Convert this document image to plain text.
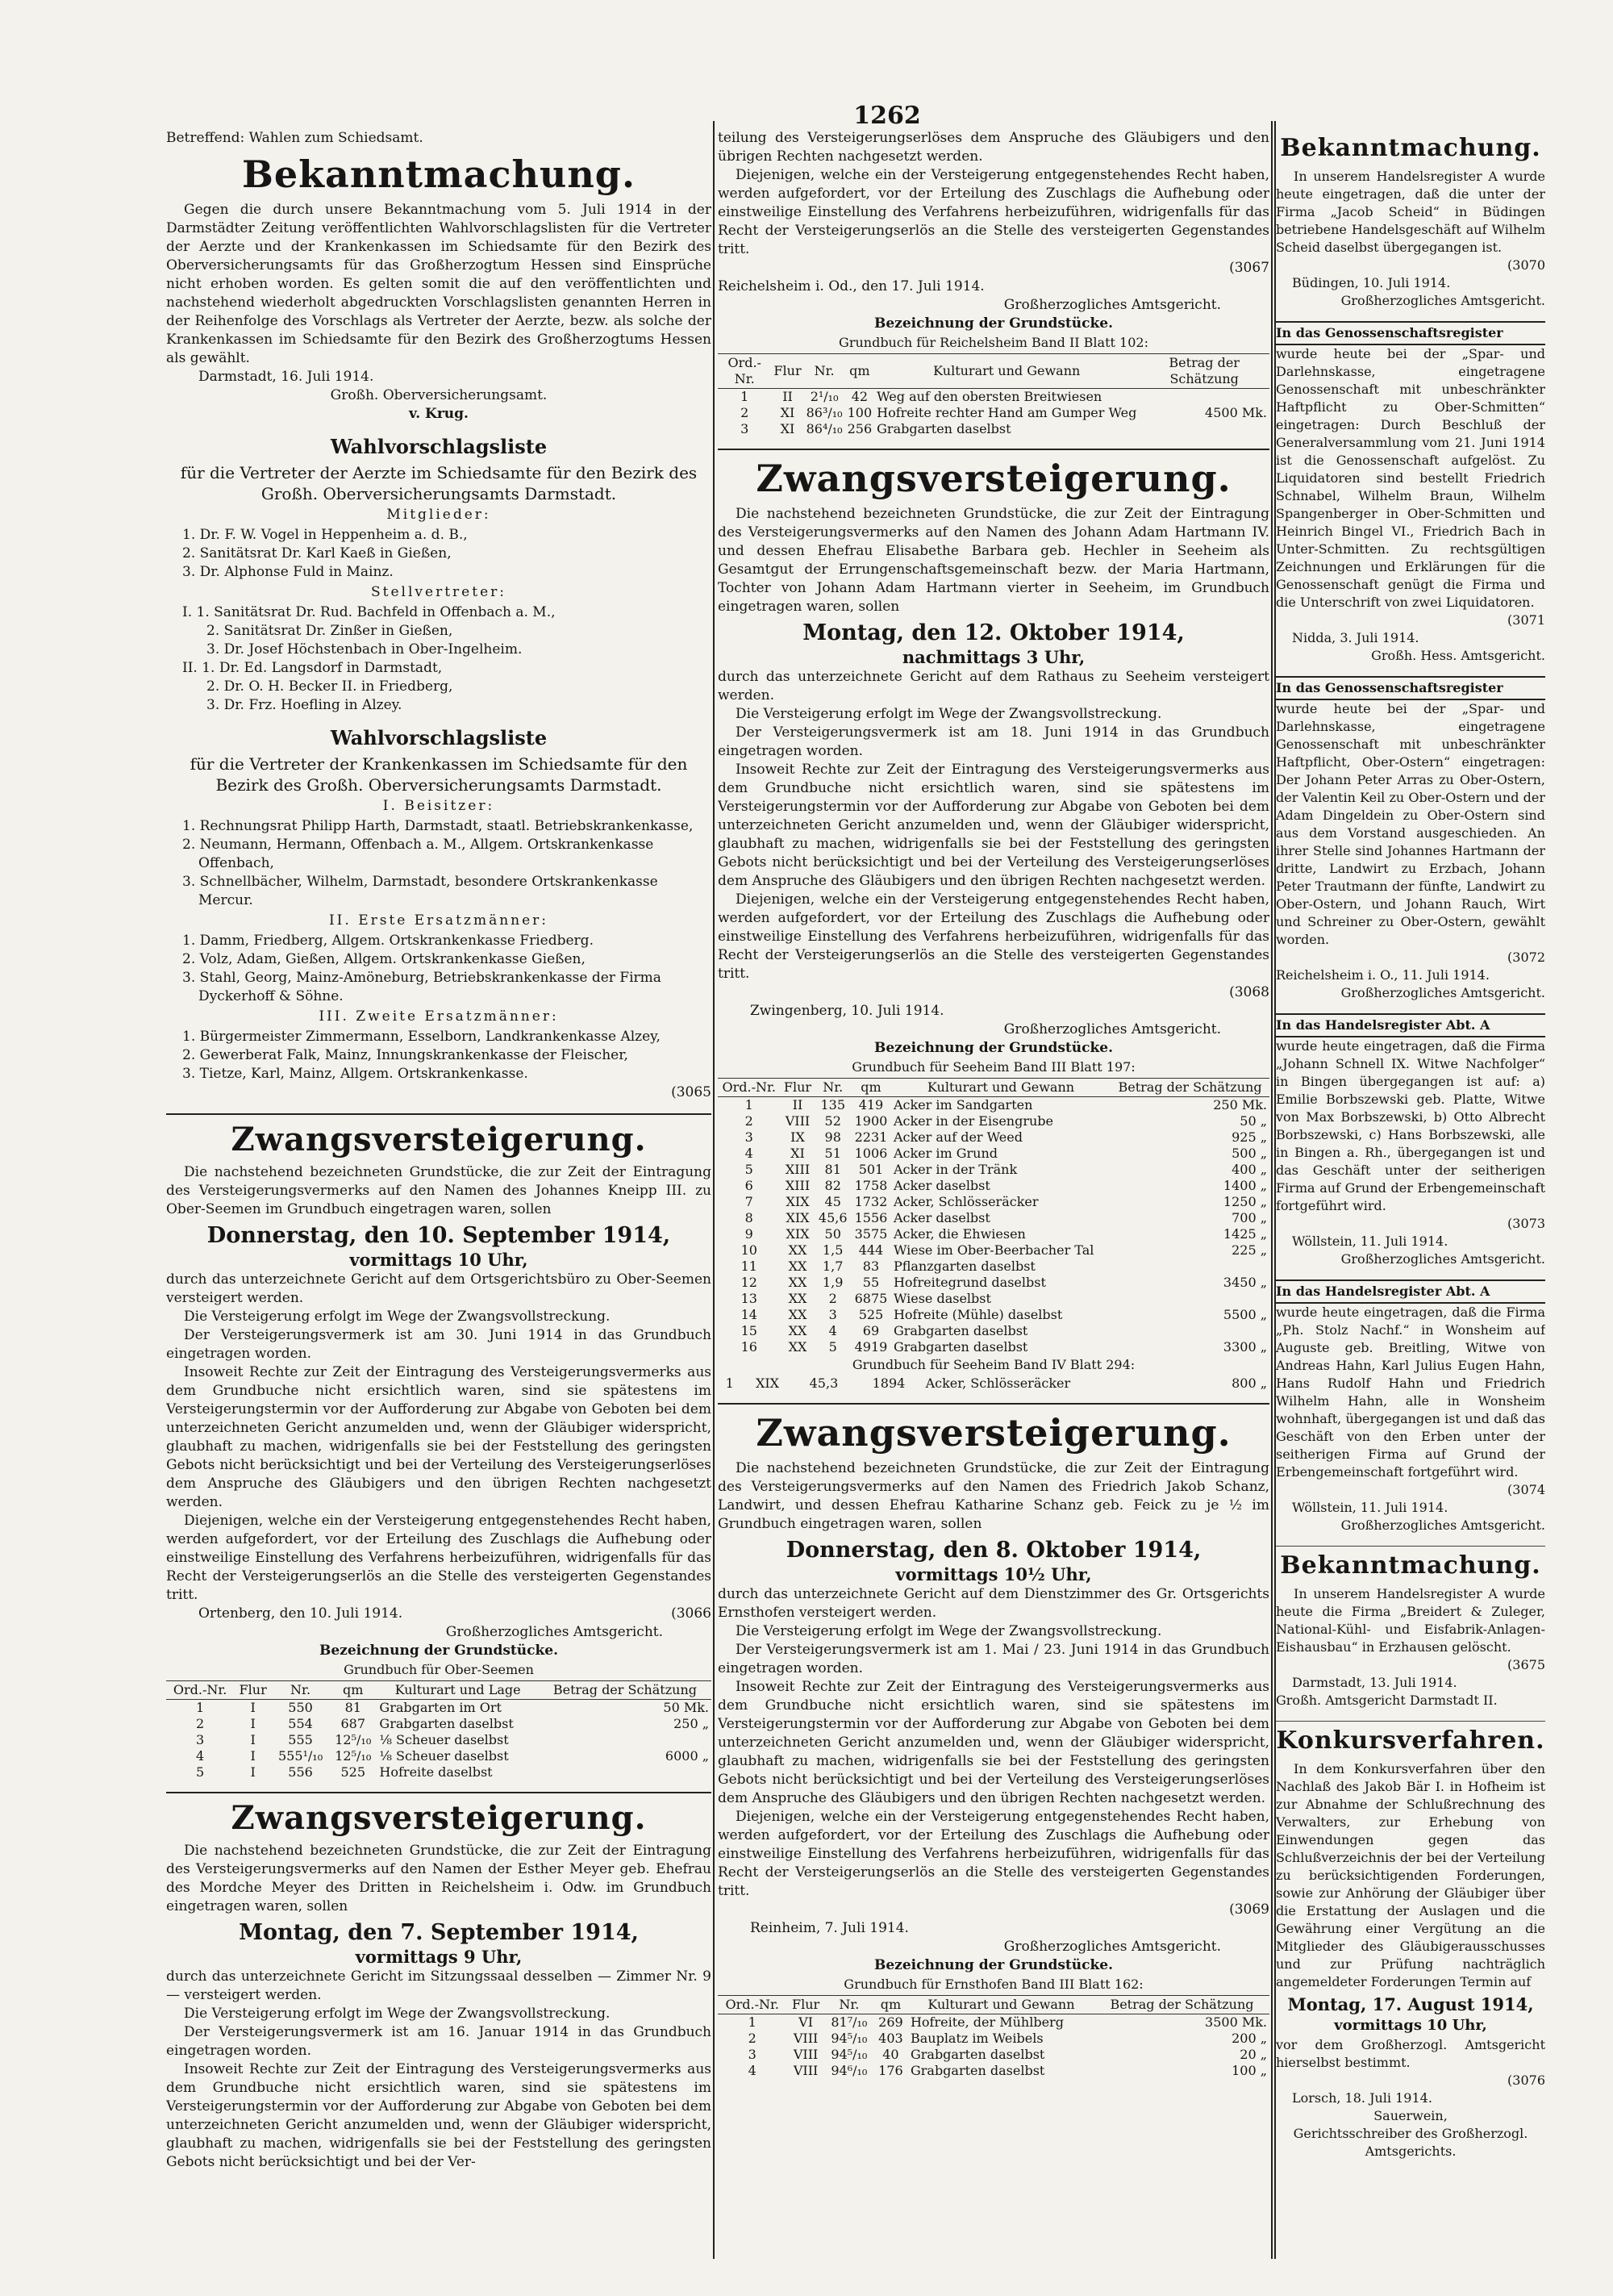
1262
Betreffend: Wahlen zum Schiedsamt.
Bekanntmachung.

Gegen die durch unsere Bekanntmachung vom 5. Juli 1914 in der Darmstädter Zeitung veröffentlichten Wahlvorschlagslisten für die Vertreter der Aerzte und der Krankenkassen im Schiedsamte für den Bezirk des Oberversicherungsamts für das Großherzogtum Hessen sind Einsprüche nicht erhoben worden. Es gelten somit die auf den veröffentlichten und nachstehend wiederholt abgedruckten Vorschlagslisten genannten Herren in der Reihenfolge des Vorschlags als Vertreter der Aerzte, bezw. als solche der Krankenkassen im Schiedsamte für den Bezirk des Großherzogtums Hessen als gewählt.

Darmstadt, 16. Juli 1914.
Großh. Oberversicherungsamt.
v. Krug.
Wahlvorschlagsliste
für die Vertreter der Aerzte im Schiedsamte für den Bezirk des Großh. Oberversicherungsamts Darmstadt.
Mitglieder:
1. Dr. F. W. Vogel in Heppenheim a. d. B.,
2. Sanitätsrat Dr. Karl Kaeß in Gießen,
3. Dr. Alphonse Fuld in Mainz.
Stellvertreter:
I. 1. Sanitätsrat Dr. Rud. Bachfeld in Offenbach a. M.,
2. Sanitätsrat Dr. Zinßer in Gießen,
3. Dr. Josef Höchstenbach in Ober-Ingelheim.
II. 1. Dr. Ed. Langsdorf in Darmstadt,
2. Dr. O. H. Becker II. in Friedberg,
3. Dr. Frz. Hoefling in Alzey.
Wahlvorschlagsliste
für die Vertreter der Krankenkassen im Schiedsamte für den Bezirk des Großh. Oberversicherungsamts Darmstadt.
I. Beisitzer:
1. Rechnungsrat Philipp Harth, Darmstadt, staatl. Betriebskrankenkasse,
2. Neumann, Hermann, Offenbach a. M., Allgem. Ortskrankenkasse Offenbach,
3. Schnellbächer, Wilhelm, Darmstadt, besondere Ortskrankenkasse Mercur.
II. Erste Ersatzmänner:
1. Damm, Friedberg, Allgem. Ortskrankenkasse Friedberg.
2. Volz, Adam, Gießen, Allgem. Ortskrankenkasse Gießen,
3. Stahl, Georg, Mainz-Amöneburg, Betriebskrankenkasse der Firma Dyckerhoff & Söhne.
III. Zweite Ersatzmänner:
1. Bürgermeister Zimmermann, Esselborn, Landkrankenkasse Alzey,
2. Gewerberat Falk, Mainz, Innungskrankenkasse der Fleischer,
3. Tietze, Karl, Mainz, Allgem. Ortskrankenkasse.
(3065
Zwangsversteigerung.

Die nachstehend bezeichneten Grundstücke, die zur Zeit der Eintragung des Versteigerungsvermerks auf den Namen des Johannes Kneipp III. zu Ober-Seemen im Grundbuch eingetragen waren, sollen

Donnerstag, den 10. September 1914,
vormittags 10 Uhr,

durch das unterzeichnete Gericht auf dem Ortsgerichtsbüro zu Ober-Seemen versteigert werden.

Die Versteigerung erfolgt im Wege der Zwangsvollstreckung.

Der Versteigerungsvermerk ist am 30. Juni 1914 in das Grundbuch eingetragen worden.

Insoweit Rechte zur Zeit der Eintragung des Versteigerungsvermerks aus dem Grundbuche nicht ersichtlich waren, sind sie spätestens im Versteigerungstermin vor der Aufforderung zur Abgabe von Geboten bei dem unterzeichneten Gericht anzumelden und, wenn der Gläubiger widerspricht, glaubhaft zu machen, widrigenfalls sie bei der Feststellung des geringsten Gebots nicht berücksichtigt und bei der Verteilung des Versteigerungserlöses dem Anspruche des Gläubigers und den übrigen Rechten nachgesetzt werden.

Diejenigen, welche ein der Versteigerung entgegenstehendes Recht haben, werden aufgefordert, vor der Erteilung des Zuschlags die Aufhebung oder einstweilige Einstellung des Verfahrens herbeizuführen, widrigenfalls für das Recht der Versteigerungserlös an die Stelle des versteigerten Gegenstandes tritt.

Ortenberg, den 10. Juli 1914.	(3066
Großherzogliches Amtsgericht.
Bezeichnung der Grundstücke.
Grundbuch für Ober-Seemen
Ord.-Nr.	Flur	Nr.	qm	Kulturart und Lage	Betrag der Schätzung
1	I	550	81	Grabgarten im Ort	50 Mk.
2	I	554	687	Grabgarten daselbst	250 „
3	I	555	12⁵/₁₀	⅛ Scheuer daselbst	
4	I	555¹/₁₀	12⁵/₁₀	⅛ Scheuer daselbst	6000 „
5	I	556	525	Hofreite daselbst	
Zwangsversteigerung.

Die nachstehend bezeichneten Grundstücke, die zur Zeit der Eintragung des Versteigerungsvermerks auf den Namen der Esther Meyer geb. Ehefrau des Mordche Meyer des Dritten in Reichelsheim i. Odw. im Grundbuch eingetragen waren, sollen

Montag, den 7. September 1914,
vormittags 9 Uhr,

durch das unterzeichnete Gericht im Sitzungssaal desselben — Zimmer Nr. 9 — versteigert werden.

Die Versteigerung erfolgt im Wege der Zwangsvollstreckung.

Der Versteigerungsvermerk ist am 16. Januar 1914 in das Grundbuch eingetragen worden.

Insoweit Rechte zur Zeit der Eintragung des Versteigerungsvermerks aus dem Grundbuche nicht ersichtlich waren, sind sie spätestens im Versteigerungstermin vor der Aufforderung zur Abgabe von Geboten bei dem unterzeichneten Gericht anzumelden und, wenn der Gläubiger widerspricht, glaubhaft zu machen, widrigenfalls sie bei der Feststellung des geringsten Gebots nicht berücksichtigt und bei der Ver-

teilung des Versteigerungserlöses dem Anspruche des Gläubigers und den übrigen Rechten nachgesetzt werden.

Diejenigen, welche ein der Versteigerung entgegenstehendes Recht haben, werden aufgefordert, vor der Erteilung des Zuschlags die Aufhebung oder einstweilige Einstellung des Verfahrens herbeizuführen, widrigenfalls für das Recht der Versteigerungserlös an die Stelle des versteigerten Gegenstandes tritt.

(3067
Reichelsheim i. Od., den 17. Juli 1914.
Großherzogliches Amtsgericht.
Bezeichnung der Grundstücke.
Grundbuch für Reichelsheim Band II Blatt 102:
Ord.-Nr.	Flur	Nr.	qm	Kulturart und Gewann	Betrag der Schätzung
1	II	2¹/₁₀	42	Weg auf den obersten Breitwiesen	
2	XI	86³/₁₀	100	Hofreite rechter Hand am Gumper Weg	4500 Mk.
3	XI	86⁴/₁₀	256	Grabgarten daselbst	
Zwangsversteigerung.

Die nachstehend bezeichneten Grundstücke, die zur Zeit der Eintragung des Versteigerungsvermerks auf den Namen des Johann Adam Hartmann IV. und dessen Ehefrau Elisabethe Barbara geb. Hechler in Seeheim als Gesamtgut der Errungenschaftsgemeinschaft bezw. der Maria Hartmann, Tochter von Johann Adam Hartmann vierter in Seeheim, im Grundbuch eingetragen waren, sollen

Montag, den 12. Oktober 1914,
nachmittags 3 Uhr,

durch das unterzeichnete Gericht auf dem Rathaus zu Seeheim versteigert werden.

Die Versteigerung erfolgt im Wege der Zwangsvollstreckung.

Der Versteigerungsvermerk ist am 18. Juni 1914 in das Grundbuch eingetragen worden.

Insoweit Rechte zur Zeit der Eintragung des Versteigerungsvermerks aus dem Grundbuche nicht ersichtlich waren, sind sie spätestens im Versteigerungstermin vor der Aufforderung zur Abgabe von Geboten bei dem unterzeichneten Gericht anzumelden und, wenn der Gläubiger widerspricht, glaubhaft zu machen, widrigenfalls sie bei der Feststellung des geringsten Gebots nicht berücksichtigt und bei der Verteilung des Versteigerungserlöses dem Anspruche des Gläubigers und den übrigen Rechten nachgesetzt werden.

Diejenigen, welche ein der Versteigerung entgegenstehendes Recht haben, werden aufgefordert, vor der Erteilung des Zuschlags die Aufhebung oder einstweilige Einstellung des Verfahrens herbeizuführen, widrigenfalls für das Recht der Versteigerungserlös an die Stelle des versteigerten Gegenstandes tritt.

(3068
Zwingenberg, 10. Juli 1914.
Großherzogliches Amtsgericht.
Bezeichnung der Grundstücke.
Grundbuch für Seeheim Band III Blatt 197:
Ord.-Nr.	Flur	Nr.	qm	Kulturart und Gewann	Betrag der Schätzung
1	II	135	419	Acker im Sandgarten	250 Mk.
2	VIII	52	1900	Acker in der Eisengrube	50 „
3	IX	98	2231	Acker auf der Weed	925 „
4	XI	51	1006	Acker im Grund	500 „
5	XIII	81	501	Acker in der Tränk	400 „
6	XIII	82	1758	Acker daselbst	1400 „
7	XIX	45	1732	Acker, Schlösseräcker	1250 „
8	XIX	45,6	1556	Acker daselbst	700 „
9	XIX	50	3575	Acker, die Ehwiesen	1425 „
10	XX	1,5	444	Wiese im Ober-Beerbacher Tal	225 „
11	XX	1,7	83	Pflanzgarten daselbst	
12	XX	1,9	55	Hofreitegrund daselbst	3450 „
13	XX	2	6875	Wiese daselbst	
14	XX	3	525	Hofreite (Mühle) daselbst	5500 „
15	XX	4	69	Grabgarten daselbst	
16	XX	5	4919	Grabgarten daselbst	3300 „
Grundbuch für Seeheim Band IV Blatt 294:
1	XIX	45,3	1894	Acker, Schlösseräcker	800 „
Zwangsversteigerung.

Die nachstehend bezeichneten Grundstücke, die zur Zeit der Eintragung des Versteigerungsvermerks auf den Namen des Friedrich Jakob Schanz, Landwirt, und dessen Ehefrau Katharine Schanz geb. Feick zu je ½ im Grundbuch eingetragen waren, sollen

Donnerstag, den 8. Oktober 1914,
vormittags 10½ Uhr,

durch das unterzeichnete Gericht auf dem Dienstzimmer des Gr. Ortsgerichts Ernsthofen versteigert werden.

Die Versteigerung erfolgt im Wege der Zwangsvollstreckung.

Der Versteigerungsvermerk ist am 1. Mai / 23. Juni 1914 in das Grundbuch eingetragen worden.

Insoweit Rechte zur Zeit der Eintragung des Versteigerungsvermerks aus dem Grundbuche nicht ersichtlich waren, sind sie spätestens im Versteigerungstermin vor der Aufforderung zur Abgabe von Geboten bei dem unterzeichneten Gericht anzumelden und, wenn der Gläubiger widerspricht, glaubhaft zu machen, widrigenfalls sie bei der Feststellung des geringsten Gebots nicht berücksichtigt und bei der Verteilung des Versteigerungserlöses dem Anspruche des Gläubigers und den übrigen Rechten nachgesetzt werden.

Diejenigen, welche ein der Versteigerung entgegenstehendes Recht haben, werden aufgefordert, vor der Erteilung des Zuschlags die Aufhebung oder einstweilige Einstellung des Verfahrens herbeizuführen, widrigenfalls für das Recht der Versteigerungserlös an die Stelle des versteigerten Gegenstandes tritt.

(3069
Reinheim, 7. Juli 1914.
Großherzogliches Amtsgericht.
Bezeichnung der Grundstücke.
Grundbuch für Ernsthofen Band III Blatt 162:
Ord.-Nr.	Flur	Nr.	qm	Kulturart und Gewann	Betrag der Schätzung
1	VI	81⁷/₁₀	269	Hofreite, der Mühlberg	3500 Mk.
2	VIII	94⁵/₁₀	403	Bauplatz im Weibels	200 „
3	VIII	94⁵/₁₀	40	Grabgarten daselbst	20 „
4	VIII	94⁶/₁₀	176	Grabgarten daselbst	100 „
Bekanntmachung.

In unserem Handelsregister A wurde heute eingetragen, daß die unter der Firma „Jacob Scheid“ in Büdingen betriebene Handelsgeschäft auf Wilhelm Scheid daselbst übergegangen ist.

(3070
Büdingen, 10. Juli 1914.
Großherzogliches Amtsgericht.
In das Genossenschaftsregister

wurde heute bei der „Spar- und Darlehnskasse, eingetragene Genossenschaft mit unbeschränkter Haftpflicht zu Ober-Schmitten“ eingetragen: Durch Beschluß der Generalversammlung vom 21. Juni 1914 ist die Genossenschaft aufgelöst. Zu Liquidatoren sind bestellt Friedrich Schnabel, Wilhelm Braun, Wilhelm Spangenberger in Ober-Schmitten und Heinrich Bingel VI., Friedrich Bach in Unter-Schmitten. Zu rechtsgültigen Zeichnungen und Erklärungen für die Genossenschaft genügt die Firma und die Unterschrift von zwei Liquidatoren.

(3071
Nidda, 3. Juli 1914.
Großh. Hess. Amtsgericht.
In das Genossenschaftsregister

wurde heute bei der „Spar- und Darlehnskasse, eingetragene Genossenschaft mit unbeschränkter Haftpflicht, Ober-Ostern“ eingetragen: Der Johann Peter Arras zu Ober-Ostern, der Valentin Keil zu Ober-Ostern und der Adam Dingeldein zu Ober-Ostern sind aus dem Vorstand ausgeschieden. An ihrer Stelle sind Johannes Hartmann der dritte, Landwirt zu Erzbach, Johann Peter Trautmann der fünfte, Landwirt zu Ober-Ostern, und Johann Rauch, Wirt und Schreiner zu Ober-Ostern, gewählt worden.

(3072
Reichelsheim i. O., 11. Juli 1914.
Großherzogliches Amtsgericht.
In das Handelsregister Abt. A

wurde heute eingetragen, daß die Firma „Johann Schnell IX. Witwe Nachfolger“ in Bingen übergegangen ist auf: a) Emilie Borbszewski geb. Platte, Witwe von Max Borbszewski, b) Otto Albrecht Borbszewski, c) Hans Borbszewski, alle in Bingen a. Rh., übergegangen ist und das Geschäft unter der seitherigen Firma auf Grund der Erbengemeinschaft fortgeführt wird.

(3073
Wöllstein, 11. Juli 1914.
Großherzogliches Amtsgericht.
In das Handelsregister Abt. A

wurde heute eingetragen, daß die Firma „Ph. Stolz Nachf.“ in Wonsheim auf Auguste geb. Breitling, Witwe von Andreas Hahn, Karl Julius Eugen Hahn, Hans Rudolf Hahn und Friedrich Wilhelm Hahn, alle in Wonsheim wohnhaft, übergegangen ist und daß das Geschäft von den Erben unter der seitherigen Firma auf Grund der Erbengemeinschaft fortgeführt wird.

(3074
Wöllstein, 11. Juli 1914.
Großherzogliches Amtsgericht.
Bekanntmachung.

In unserem Handelsregister A wurde heute die Firma „Breidert & Zuleger, National-Kühl- und Eisfabrik-Anlagen-Eishausbau“ in Erzhausen gelöscht.

(3675
Darmstadt, 13. Juli 1914.
Großh. Amtsgericht Darmstadt II.
Konkursverfahren.

In dem Konkursverfahren über den Nachlaß des Jakob Bär I. in Hofheim ist zur Abnahme der Schlußrechnung des Verwalters, zur Erhebung von Einwendungen gegen das Schlußverzeichnis der bei der Verteilung zu berücksichtigenden Forderungen, sowie zur Anhörung der Gläubiger über die Erstattung der Auslagen und die Gewährung einer Vergütung an die Mitglieder des Gläubigerausschusses und zur Prüfung nachträglich angemeldeter Forderungen Termin auf

Montag, 17. August 1914,
vormittags 10 Uhr,

vor dem Großherzogl. Amtsgericht hierselbst bestimmt.

(3076
Lorsch, 18. Juli 1914.
Sauerwein,
Gerichtsschreiber des Großherzogl. Amtsgerichts.
